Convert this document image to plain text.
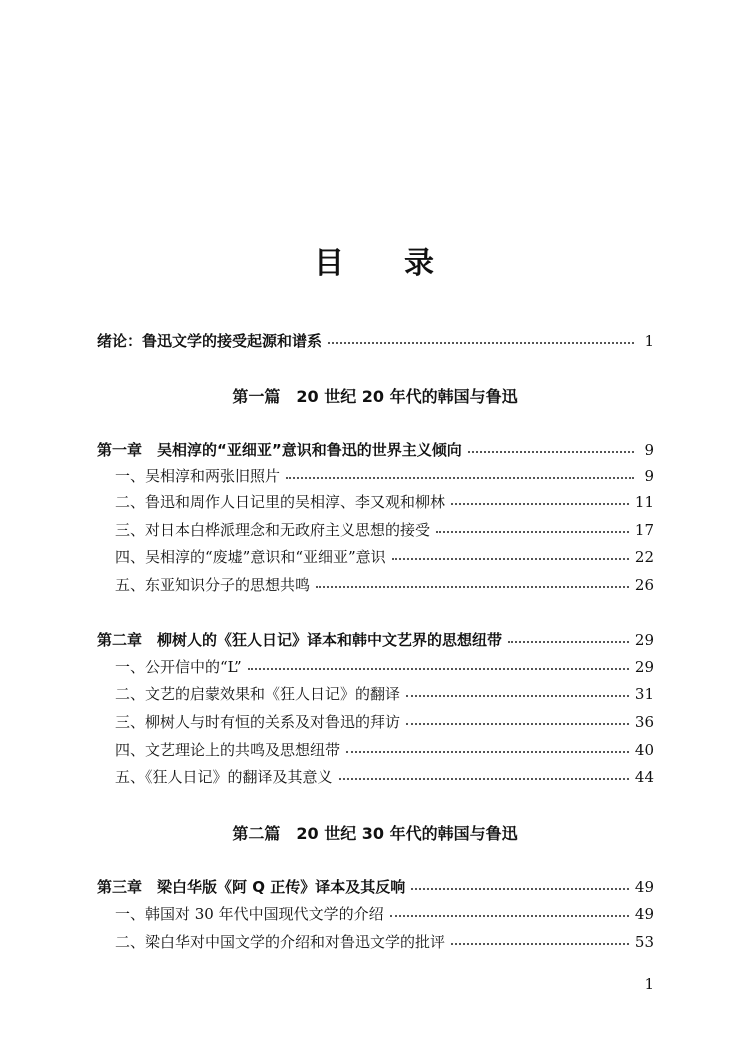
目 录
绪论：鲁迅文学的接受起源和谱系	1
第一篇　20 世纪 20 年代的韩国与鲁迅
第一章　吴相淳的“亚细亚”意识和鲁迅的世界主义倾向	9
一、吴相淳和两张旧照片	9
二、鲁迅和周作人日记里的吴相淳、李又观和柳林	11
三、对日本白桦派理念和无政府主义思想的接受	17
四、吴相淳的“废墟”意识和“亚细亚”意识	22
五、东亚知识分子的思想共鸣	26
第二章　柳树人的《狂人日记》译本和韩中文艺界的思想纽带	29
一、公开信中的“L”	29
二、文艺的启蒙效果和《狂人日记》的翻译	31
三、柳树人与时有恒的关系及对鲁迅的拜访	36
四、文艺理论上的共鸣及思想纽带	40
五、《狂人日记》的翻译及其意义	44
第二篇　20 世纪 30 年代的韩国与鲁迅
第三章　梁白华版《阿 Q 正传》译本及其反响	49
一、韩国对 30 年代中国现代文学的介绍	49
二、梁白华对中国文学的介绍和对鲁迅文学的批评	53
1
